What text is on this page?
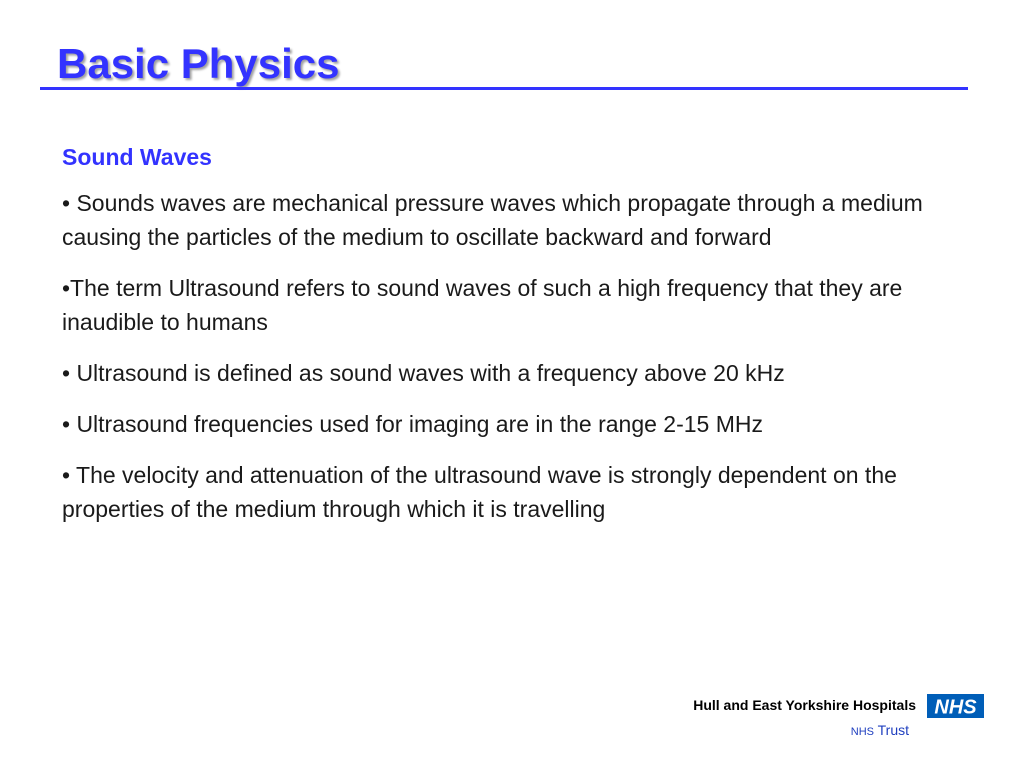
Basic Physics

Sound Waves

• Sounds waves are mechanical pressure waves which propagate through a medium causing the particles of the medium to oscillate backward and forward

•The term Ultrasound refers to sound waves of such a high frequency that they are inaudible to humans

• Ultrasound is defined as sound waves with a frequency above 20 kHz

• Ultrasound frequencies used for imaging are in the range 2-15 MHz

• The velocity and attenuation of the ultrasound wave is strongly dependent on the properties of the medium through which it is travelling

Hull and East Yorkshire Hospitals NHS
NHS Trust
